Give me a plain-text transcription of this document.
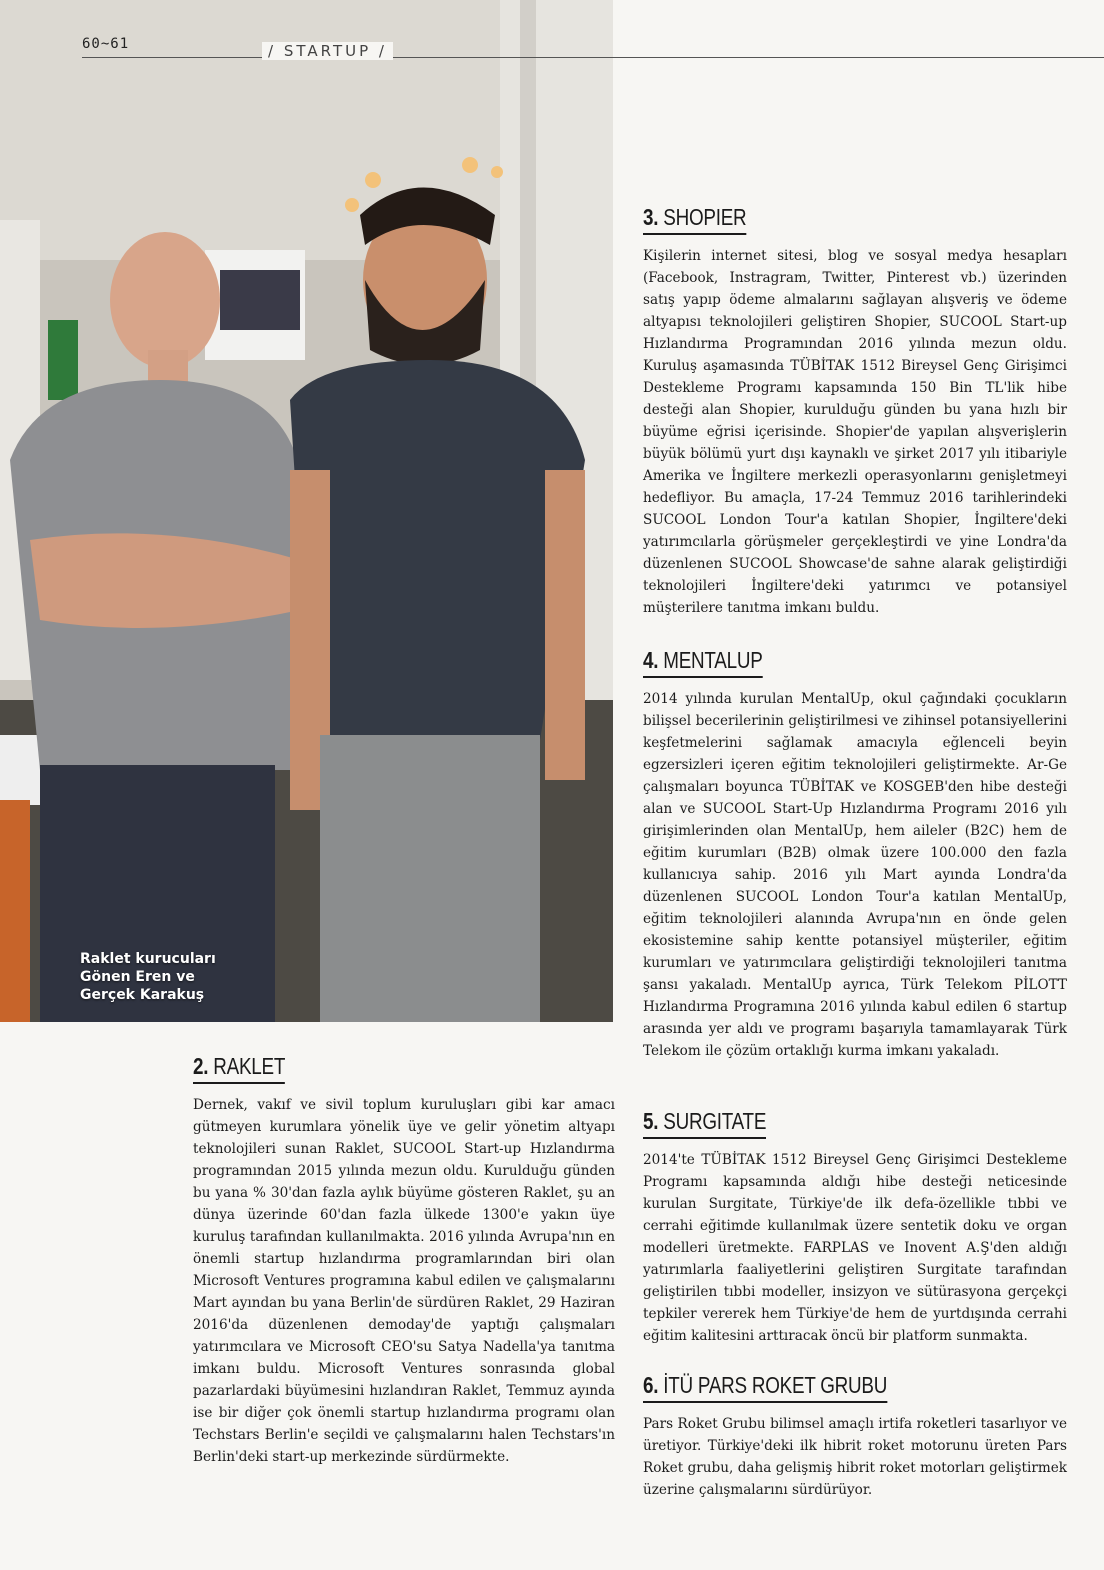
Raklet kurucuları
Gönen Eren ve
Gerçek Karakuş
60~61	/ STARTUP /
3. SHOPIER

Kişilerin internet sitesi, blog ve sosyal medya hesapları (Facebook, Instragram, Twitter, Pinterest vb.) üzerinden satış yapıp ödeme almalarını sağlayan alışveriş ve ödeme altyapısı teknolojileri geliştiren Shopier, SUCOOL Start-up Hızlandırma Programından 2016 yılında mezun oldu. Kuruluş aşamasında TÜBİTAK 1512 Bireysel Genç Girişimci Destekleme Programı kapsamında 150 Bin TL'lik hibe desteği alan Shopier, kurulduğu günden bu yana hızlı bir büyüme eğrisi içerisinde. Shopier'de yapılan alışverişlerin büyük bölümü yurt dışı kaynaklı ve şirket 2017 yılı itibariyle Amerika ve İngiltere merkezli operasyonlarını genişletmeyi hedefliyor. Bu amaçla, 17-24 Temmuz 2016 tarihlerindeki SUCOOL London Tour'a katılan Shopier, İngiltere'deki yatırımcılarla görüşmeler gerçekleştirdi ve yine Londra'da düzenlenen SUCOOL Showcase'de sahne alarak geliştirdiği teknolojileri İngiltere'deki yatırımcı ve potansiyel müşterilere tanıtma imkanı buldu.

4. MENTALUP

2014 yılında kurulan MentalUp, okul çağındaki çocukların bilişsel becerilerinin geliştirilmesi ve zihinsel potansiyellerini keşfetmelerini sağlamak amacıyla eğlenceli beyin egzersizleri içeren eğitim teknolojileri geliştirmekte. Ar-Ge çalışmaları boyunca TÜBİTAK ve KOSGEB'den hibe desteği alan ve SUCOOL Start-Up Hızlandırma Programı 2016 yılı girişimlerinden olan MentalUp, hem aileler (B2C) hem de eğitim kurumları (B2B) olmak üzere 100.000 den fazla kullanıcıya sahip. 2016 yılı Mart ayında Londra'da düzenlenen SUCOOL London Tour'a katılan MentalUp, eğitim teknolojileri alanında Avrupa'nın en önde gelen ekosistemine sahip kentte potansiyel müşteriler, eğitim kurumları ve yatırımcılara geliştirdiği teknolojileri tanıtma şansı yakaladı. MentalUp ayrıca, Türk Telekom PİLOTT Hızlandırma Programına 2016 yılında kabul edilen 6 startup arasında yer aldı ve programı başarıyla tamamlayarak Türk Telekom ile çözüm ortaklığı kurma imkanı yakaladı.

5. SURGITATE

2014'te TÜBİTAK 1512 Bireysel Genç Girişimci Destekleme Programı kapsamında aldığı hibe desteği neticesinde kurulan Surgitate, Türkiye'de ilk defa-özellikle tıbbi ve cerrahi eğitimde kullanılmak üzere sentetik doku ve organ modelleri üretmekte. FARPLAS ve Inovent A.Ş'den aldığı yatırımlarla faaliyetlerini geliştiren Surgitate tarafından geliştirilen tıbbi modeller, insizyon ve sütürasyona gerçekçi tepkiler vererek hem Türkiye'de hem de yurtdışında cerrahi eğitim kalitesini arttıracak öncü bir platform sunmakta.

6. İTÜ PARS ROKET GRUBU

Pars Roket Grubu bilimsel amaçlı irtifa roketleri tasarlıyor ve üretiyor. Türkiye'deki ilk hibrit roket motorunu üreten Pars Roket grubu, daha gelişmiş hibrit roket motorları geliştirmek üzerine çalışmalarını sürdürüyor.

2. RAKLET

Dernek, vakıf ve sivil toplum kuruluşları gibi kar amacı gütmeyen kurumlara yönelik üye ve gelir yönetim altyapı teknolojileri sunan Raklet, SUCOOL Start-up Hızlandırma programından 2015 yılında mezun oldu. Kurulduğu günden bu yana % 30'dan fazla aylık büyüme gösteren Raklet, şu an dünya üzerinde 60'dan fazla ülkede 1300'e yakın üye kuruluş tarafından kullanılmakta. 2016 yılında Avrupa'nın en önemli startup hızlandırma programlarından biri olan Microsoft Ventures programına kabul edilen ve çalışmalarını Mart ayından bu yana Berlin'de sürdüren Raklet, 29 Haziran 2016'da düzenlenen demoday'de yaptığı çalışmaları yatırımcılara ve Microsoft CEO'su Satya Nadella'ya tanıtma imkanı buldu. Microsoft Ventures sonrasında global pazarlardaki büyümesini hızlandıran Raklet, Temmuz ayında ise bir diğer çok önemli startup hızlandırma programı olan Techstars Berlin'e seçildi ve çalışmalarını halen Techstars'ın Berlin'deki start-up merkezinde sürdürmekte.
